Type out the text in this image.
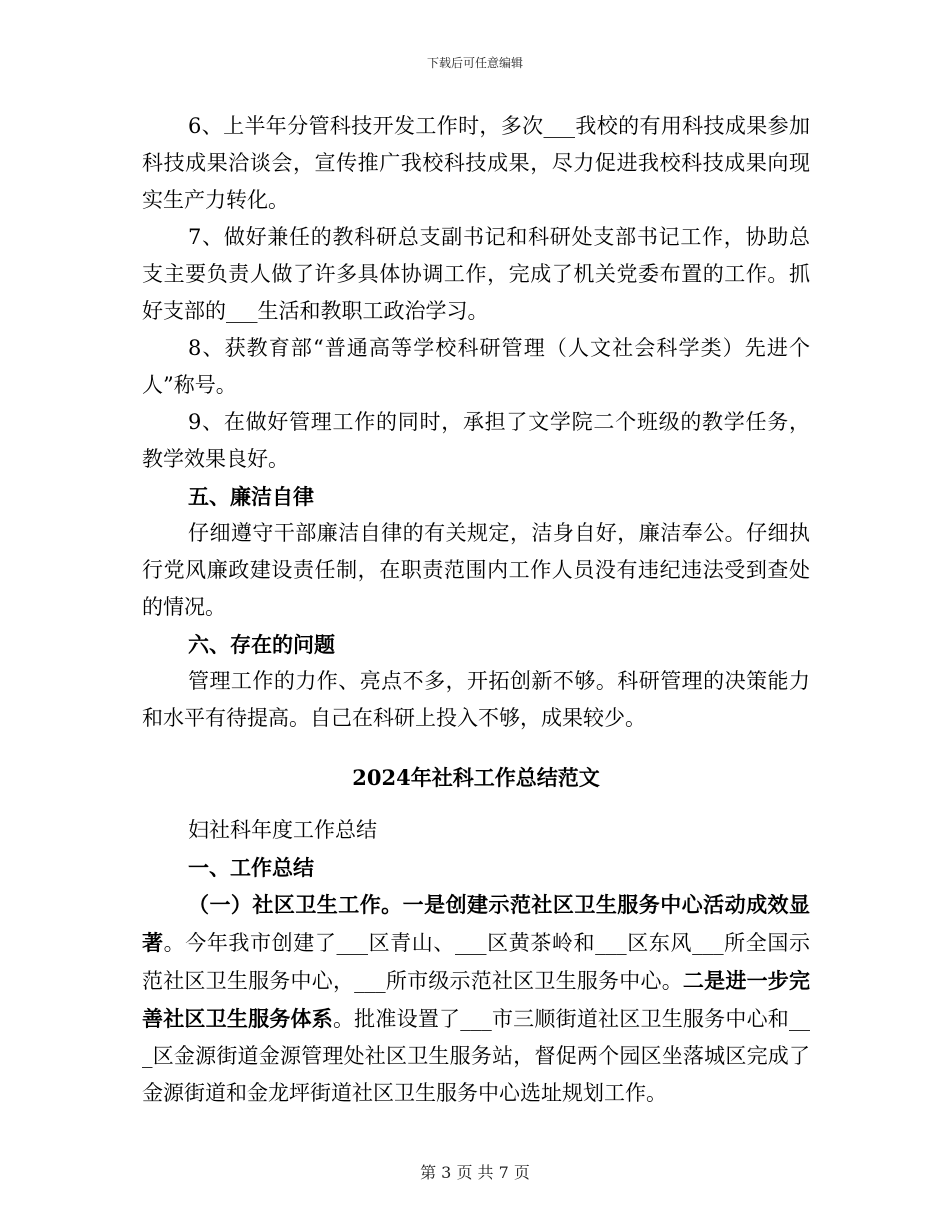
下载后可任意编辑

6、上半年分管科技开发工作时，多次___我校的有用科技成果参加科技成果洽谈会，宣传推广我校科技成果，尽力促进我校科技成果向现实生产力转化。

7、做好兼任的教科研总支副书记和科研处支部书记工作，协助总支主要负责人做了许多具体协调工作，完成了机关党委布置的工作。抓好支部的___生活和教职工政治学习。

8、获教育部“普通高等学校科研管理（人文社会科学类）先进个人”称号。

9、在做好管理工作的同时，承担了文学院二个班级的教学任务，教学效果良好。

五、廉洁自律

仔细遵守干部廉洁自律的有关规定，洁身自好，廉洁奉公。仔细执行党风廉政建设责任制，在职责范围内工作人员没有违纪违法受到查处的情况。

六、存在的问题

管理工作的力作、亮点不多，开拓创新不够。科研管理的决策能力和水平有待提高。自己在科研上投入不够，成果较少。

2024年社科工作总结范文

妇社科年度工作总结

一、工作总结

（一）社区卫生工作。一是创建示范社区卫生服务中心活动成效显著。今年我市创建了___区青山、___区黄茶岭和___区东风___所全国示范社区卫生服务中心，___所市级示范社区卫生服务中心。二是进一步完善社区卫生服务体系。批准设置了___市三顺街道社区卫生服务中心和___区金源街道金源管理处社区卫生服务站，督促两个园区坐落城区完成了金源街道和金龙坪街道社区卫生服务中心选址规划工作。

第 3 页 共 7 页
